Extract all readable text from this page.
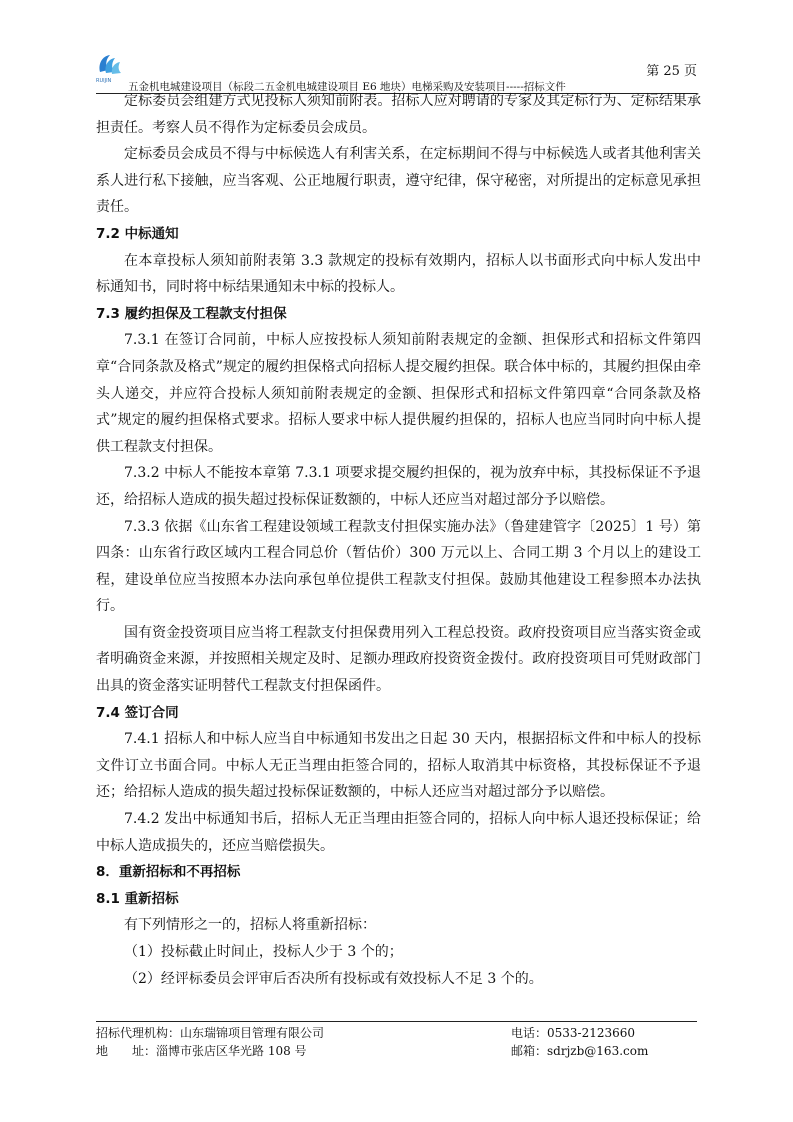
RUIJIN
第 25 页
五金机电城建设项目（标段二五金机电城建设项目 E6 地块）电梯采购及安装项目-----招标文件

定标委员会组建方式见投标人须知前附表。招标人应对聘请的专家及其定标行为、定标结果承担责任。考察人员不得作为定标委员会成员。

定标委员会成员不得与中标候选人有利害关系，在定标期间不得与中标候选人或者其他利害关系人进行私下接触，应当客观、公正地履行职责，遵守纪律，保守秘密，对所提出的定标意见承担责任。

7.2 中标通知

在本章投标人须知前附表第 3.3 款规定的投标有效期内，招标人以书面形式向中标人发出中标通知书，同时将中标结果通知未中标的投标人。

7.3 履约担保及工程款支付担保

7.3.1 在签订合同前，中标人应按投标人须知前附表规定的金额、担保形式和招标文件第四章“合同条款及格式”规定的履约担保格式向招标人提交履约担保。联合体中标的，其履约担保由牵头人递交，并应符合投标人须知前附表规定的金额、担保形式和招标文件第四章“合同条款及格式”规定的履约担保格式要求。招标人要求中标人提供履约担保的，招标人也应当同时向中标人提供工程款支付担保。

7.3.2 中标人不能按本章第 7.3.1 项要求提交履约担保的，视为放弃中标，其投标保证不予退还，给招标人造成的损失超过投标保证数额的，中标人还应当对超过部分予以赔偿。

7.3.3 依据《山东省工程建设领域工程款支付担保实施办法》（鲁建建管字〔2025〕1 号）第四条：山东省行政区域内工程合同总价（暂估价）300 万元以上、合同工期 3 个月以上的建设工程，建设单位应当按照本办法向承包单位提供工程款支付担保。鼓励其他建设工程参照本办法执行。

国有资金投资项目应当将工程款支付担保费用列入工程总投资。政府投资项目应当落实资金或者明确资金来源，并按照相关规定及时、足额办理政府投资资金拨付。政府投资项目可凭财政部门出具的资金落实证明替代工程款支付担保函件。

7.4 签订合同

7.4.1 招标人和中标人应当自中标通知书发出之日起 30 天内，根据招标文件和中标人的投标文件订立书面合同。中标人无正当理由拒签合同的，招标人取消其中标资格，其投标保证不予退还；给招标人造成的损失超过投标保证数额的，中标人还应当对超过部分予以赔偿。

7.4.2 发出中标通知书后，招标人无正当理由拒签合同的，招标人向中标人退还投标保证；给中标人造成损失的，还应当赔偿损失。

8．重新招标和不再招标

8.1 重新招标

有下列情形之一的，招标人将重新招标：

（1）投标截止时间止，投标人少于 3 个的；

（2）经评标委员会评审后否决所有投标或有效投标人不足 3 个的。

招标代理机构：山东瑞锦项目管理有限公司	电话：0533-2123660
地　　址：淄博市张店区华光路 108 号	邮箱：sdrjzb@163.com
